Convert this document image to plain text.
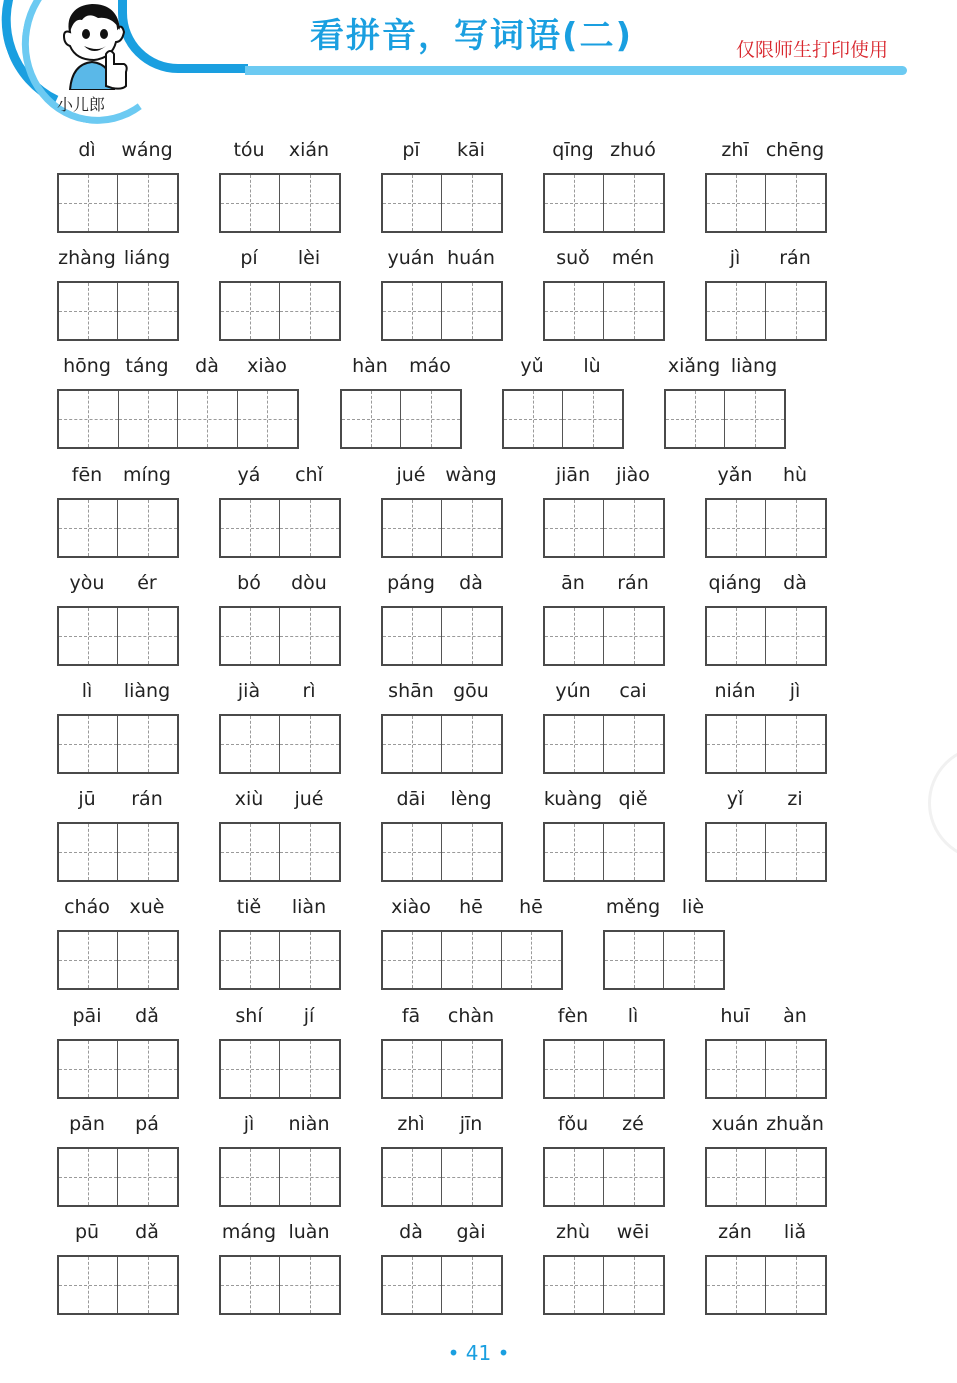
小儿郎
看拼音，写词语(二)	仅限师生打印使用
dì	wáng	tóu	xián	pī	kāi	qīng zhuó	zhī chēng
zhàng liáng	pí	lèi	yuán huán	suǒ	mén	jì	rán
hōng táng	dà	xiào	hàn	máo	yǔ	lù	xiǎng liàng
fēn	míng	yá	chǐ	jué	wàng	jiān	jiào	yǎn	hù
yòu	ér	bó	dòu	páng	dà	ān	rán	qiáng	dà
lì	liàng	jià	rì	shān	gōu	yún	cai	nián	jì
jū	rán	xiù	jué	dāi	lèng	kuàng qiě	yǐ	zi
cháo	xuè	tiě	liàn	xiào	hē	hē	měng	liè
pāi	dǎ	shí	jí	fā	chàn	fèn	lì	huī	àn
pān	pá	jì	niàn	zhì	jīn	fǒu	zé	xuán zhuǎn
pū	dǎ	máng luàn	dà	gài	zhù	wēi	zán	liǎ
• 41 •
